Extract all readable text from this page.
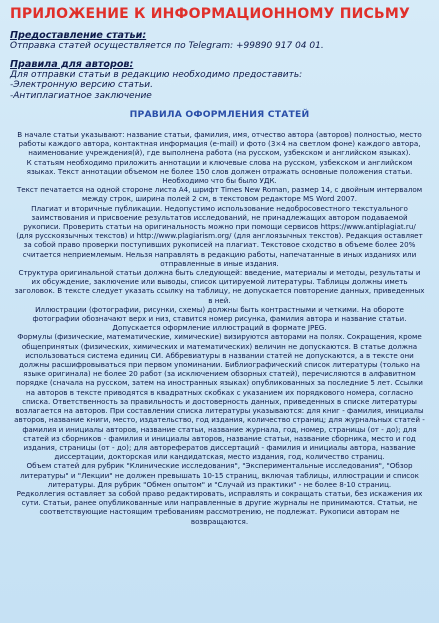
ПРИЛОЖЕНИЕ К ИНФОРМАЦИОННОМУ ПИСЬМУ
Предоставление статьи:
Отправка статей осуществляется по Telegram: +99890 917 04 01.
Правила для авторов:
Для отправки статьи в редакцию необходимо предоставить:
-Электронную версию статьи.
-Антиплагиатное заключение
ПРАВИЛА ОФОРМЛЕНИЯ СТАТЕЙ

В начале статьи указывают: название статьи, фамилия, имя, отчество автора (авторов) полностью, место работы каждого автора, контактная информация (e-mail) и фото (3×4 на светлом фоне) каждого автора, наименование учреждения(й), где выполнена работа (на русском, узбекском и английском языках).

К статьям необходимо приложить аннотации и ключевые слова на русском, узбекском и английском языках. Текст аннотации объемом не более 150 слов должен отражать основные положения статьи. Необходимо что бы было УДК.

Текст печатается на одной стороне листа А4, шрифт Times New Roman, размер 14, с двойным интервалом между строк, ширина полей 2 см, в текстовом редакторе MS Word 2007.

Плагиат и вторичные публикации. Недопустимо использование недобросовестного текстуального заимствования и присвоение результатов исследований, не принадлежащих автором подаваемой рукописи. Проверить статьи на оригинальность можно при помощи сервисов https://www.antiplagiat.ru/ (для русскоязычных текстов) и http://www.plagiarism.org/ (для англоязычных текстов). Редакция оставляет за собой право проверки поступивших рукописей на плагиат. Текстовое сходство в объеме более 20% считается неприемлемым. Нельзя направлять в редакцию работы, напечатанные в иных изданиях или отправленные в иные издания.

Структура оригинальной статьи должна быть следующей: введение, материалы и методы, результаты и их обсуждение, заключение или выводы, список цитируемой литературы. Таблицы должны иметь заголовок. В тексте следует указать ссылку на таблицу, не допускается повторение данных, приведенных в ней.

Иллюстрации (фотографии, рисунки, схемы) должны быть контрастными и четкими. На обороте фотографии обозначают верх и низ, ставится номер рисунка, фамилия автора и название статьи. Допускается оформление иллюстраций в формате JPEG.

Формулы (физические, математические, химические) визируются авторами на полях. Сокращения, кроме общепринятых (физических, химических и математических) величин не допускаются. В статье должна использоваться система единиц СИ. Аббревиатуры в названии статей не допускаются, а в тексте они должны расшифровываться при первом упоминании. Библиографический список литературы (только на языке оригинала) не более 20 работ (за исключением обзорных статей), перечисляются в алфавитном порядке (сначала на русском, затем на иностранных языках) опубликованных за последние 5 лет. Ссылки на авторов в тексте приводятся в квадратных скобках с указанием их порядкового номера, согласно списка. Ответственность за правильность и достоверность данных, приведенных в списке литературы возлагается на авторов. При составлении списка литературы указываются: для книг - фамилия, инициалы авторов, название книги, место, издательство, год издания, количество страниц; для журнальных статей - фамилия и инициалы авторов, название статьи, название журнала, год, номер, страницы (от - до); для статей из сборников - фамилия и инициалы авторов, название статьи, название сборника, место и год издания, страницы (от - до); для авторефератов диссертаций - фамилия и инициалы автора, название диссертации, докторская или кандидатская, место издания, год, количество страниц.

Объем статей для рубрик "Клинические исследования", "Экспериментальные исследования", "Обзор литературы" и "Лекции" не должен превышать 10-15 страниц, включая таблицы, иллюстрации и список литературы. Для рубрик "Обмен опытом" и "Случай из практики" - не более 8-10 страниц.

Редколлегия оставляет за собой право редактировать, исправлять и сокращать статьи, без искажения их сути. Статьи, ранее опубликованные или направленные в другие журналы не принимаются. Статьи, не соответствующие настоящим требованиям рассмотрению, не подлежат. Рукописи авторам не возвращаются.
